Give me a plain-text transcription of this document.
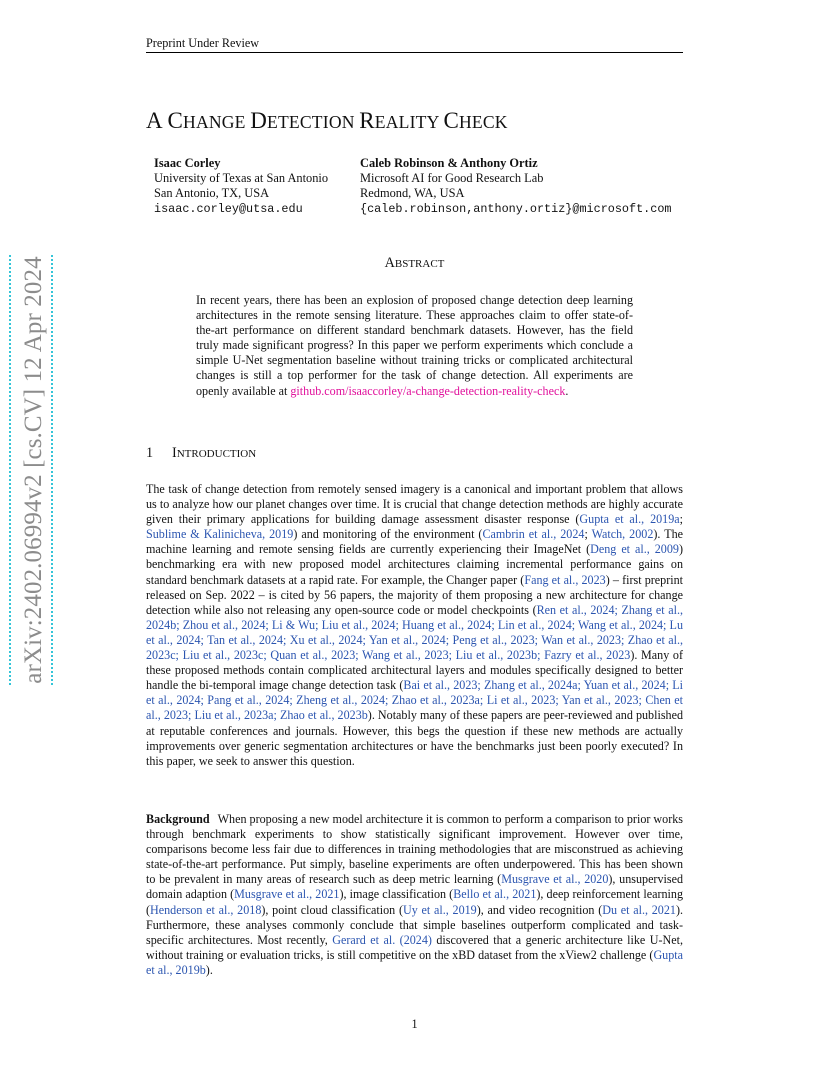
Preprint Under Review
arXiv:2402.06994v2 [cs.CV] 12 Apr 2024
A CHANGE DETECTION REALITY CHECK
Isaac Corley
University of Texas at San Antonio
San Antonio, TX, USA
isaac.corley@utsa.edu
Caleb Robinson & Anthony Ortiz
Microsoft AI for Good Research Lab
Redmond, WA, USA
{caleb.robinson,anthony.ortiz}@microsoft.com
ABSTRACT
In recent years, there has been an explosion of proposed change detection deep learning architectures in the remote sensing literature. These approaches claim to offer state-of-the-art performance on different standard benchmark datasets. However, has the field truly made significant progress? In this paper we perform experiments which conclude a simple U-Net segmentation baseline without training tricks or complicated architectural changes is still a top performer for the task of change detection. All experiments are openly available at github.com/isaaccorley/a-change-detection-reality-check.
1 INTRODUCTION
The task of change detection from remotely sensed imagery is a canonical and important problem that allows us to analyze how our planet changes over time. It is crucial that change detection methods are highly accurate given their primary applications for building damage assessment disaster response (Gupta et al., 2019a; Sublime & Kalinicheva, 2019) and monitoring of the environment (Cambrin et al., 2024; Watch, 2002). The machine learning and remote sensing fields are currently experiencing their ImageNet (Deng et al., 2009) benchmarking era with new proposed model architectures claiming incremental performance gains on standard benchmark datasets at a rapid rate. For example, the Changer paper (Fang et al., 2023) – first preprint released on Sep. 2022 – is cited by 56 papers, the majority of them proposing a new architecture for change detection while also not releasing any open-source code or model checkpoints (Ren et al., 2024; Zhang et al., 2024b; Zhou et al., 2024; Li & Wu; Liu et al., 2024; Huang et al., 2024; Lin et al., 2024; Wang et al., 2024; Lu et al., 2024; Tan et al., 2024; Xu et al., 2024; Yan et al., 2024; Peng et al., 2023; Wan et al., 2023; Zhao et al., 2023c; Liu et al., 2023c; Quan et al., 2023; Wang et al., 2023; Liu et al., 2023b; Fazry et al., 2023). Many of these proposed methods contain complicated architectural layers and modules specifically designed to better handle the bi-temporal image change detection task (Bai et al., 2023; Zhang et al., 2024a; Yuan et al., 2024; Li et al., 2024; Pang et al., 2024; Zheng et al., 2024; Zhao et al., 2023a; Li et al., 2023; Yan et al., 2023; Chen et al., 2023; Liu et al., 2023a; Zhao et al., 2023b). Notably many of these papers are peer-reviewed and published at reputable conferences and journals. However, this begs the question if these new methods are actually improvements over generic segmentation architectures or have the benchmarks just been poorly executed? In this paper, we seek to answer this question.
Background When proposing a new model architecture it is common to perform a comparison to prior works through benchmark experiments to show statistically significant improvement. However over time, comparisons become less fair due to differences in training methodologies that are misconstrued as achieving state-of-the-art performance. Put simply, baseline experiments are often underpowered. This has been shown to be prevalent in many areas of research such as deep metric learning (Musgrave et al., 2020), unsupervised domain adaption (Musgrave et al., 2021), image classification (Bello et al., 2021), deep reinforcement learning (Henderson et al., 2018), point cloud classification (Uy et al., 2019), and video recognition (Du et al., 2021). Furthermore, these analyses commonly conclude that simple baselines outperform complicated and task-specific architectures. Most recently, Gerard et al. (2024) discovered that a generic architecture like U-Net, without training or evaluation tricks, is still competitive on the xBD dataset from the xView2 challenge (Gupta et al., 2019b).
1
